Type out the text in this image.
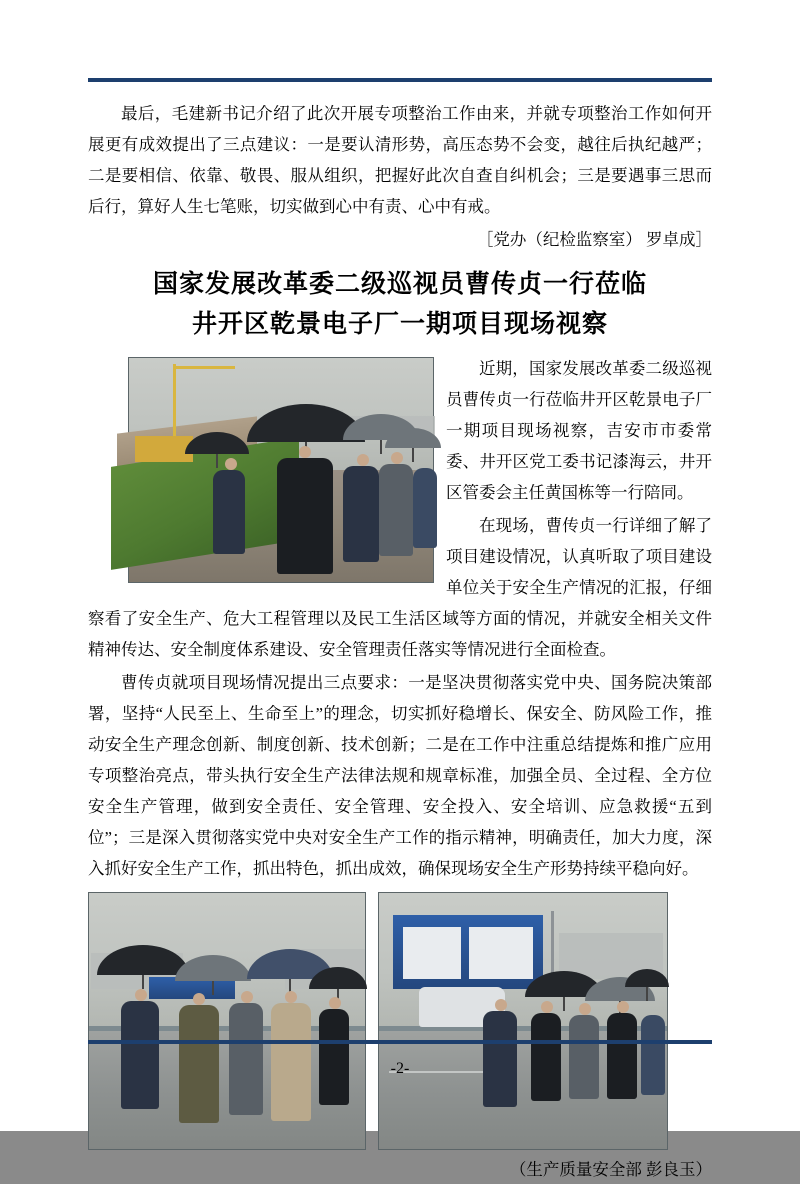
最后，毛建新书记介绍了此次开展专项整治工作由来，并就专项整治工作如何开展更有成效提出了三点建议：一是要认清形势，高压态势不会变，越往后执纪越严；二是要相信、依靠、敬畏、服从组织，把握好此次自查自纠机会；三是要遇事三思而后行，算好人生七笔账，切实做到心中有责、心中有戒。

［党办（纪检监察室） 罗卓成］
国家发展改革委二级巡视员曹传贞一行莅临
井开区乾景电子厂一期项目现场视察

近期，国家发展改革委二级巡视员曹传贞一行莅临井开区乾景电子厂一期项目现场视察，吉安市市委常委、井开区党工委书记漆海云，井开区管委会主任黄国栋等一行陪同。

在现场，曹传贞一行详细了解了项目建设情况，认真听取了项目建设单位关于安全生产情况的汇报，仔细察看了安全生产、危大工程管理以及民工生活区域等方面的情况，并就安全相关文件精神传达、安全制度体系建设、安全管理责任落实等情况进行全面检查。

曹传贞就项目现场情况提出三点要求：一是坚决贯彻落实党中央、国务院决策部署，坚持“人民至上、生命至上”的理念，切实抓好稳增长、保安全、防风险工作，推动安全生产理念创新、制度创新、技术创新；二是在工作中注重总结提炼和推广应用专项整治亮点，带头执行安全生产法律法规和规章标准，加强全员、全过程、全方位安全生产管理，做到安全责任、安全管理、安全投入、安全培训、应急救援“五到位”；三是深入贯彻落实党中央对安全生产工作的指示精神，明确责任，加大力度，深入抓好安全生产工作，抓出特色，抓出成效，确保现场安全生产形势持续平稳向好。

（生产质量安全部 彭良玉）
-2-
